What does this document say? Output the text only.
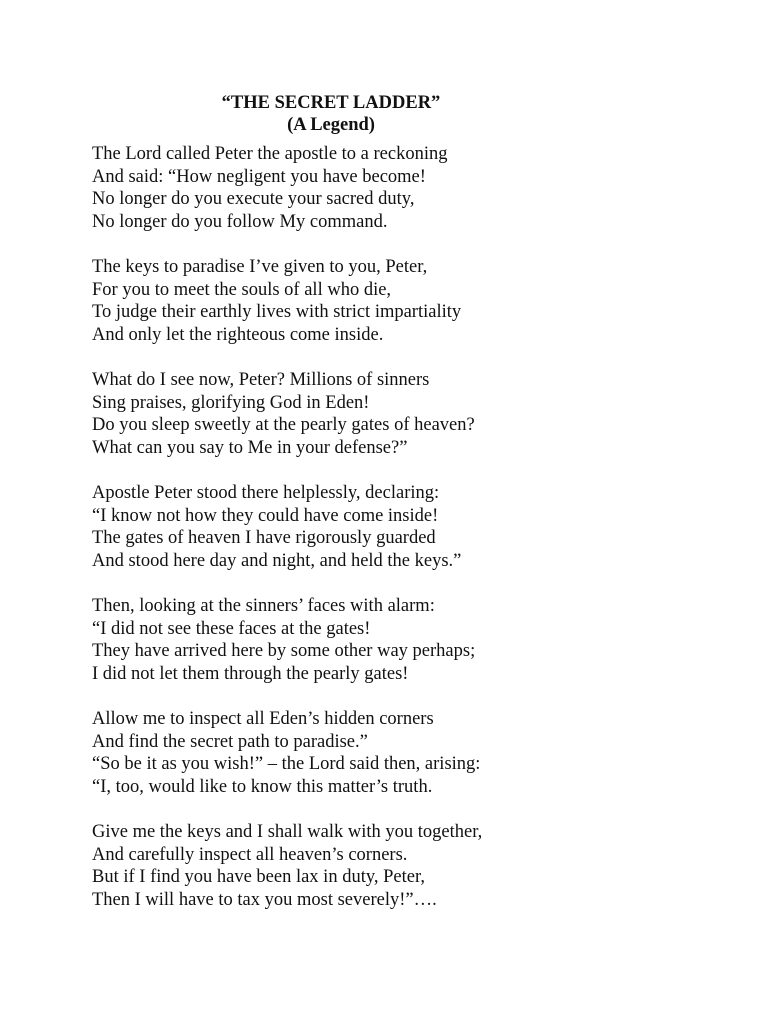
“THE SECRET LADDER”
(A Legend)

The Lord called Peter the apostle to a reckoning

And said: “How negligent you have become!

No longer do you execute your sacred duty,

No longer do you follow My command.

The keys to paradise I’ve given to you, Peter,

For you to meet the souls of all who die,

To judge their earthly lives with strict impartiality

And only let the righteous come inside.

What do I see now, Peter? Millions of sinners

Sing praises, glorifying God in Eden!

Do you sleep sweetly at the pearly gates of heaven?

What can you say to Me in your defense?”

Apostle Peter stood there helplessly, declaring:

“I know not how they could have come inside!

The gates of heaven I have rigorously guarded

And stood here day and night, and held the keys.”

Then, looking at the sinners’ faces with alarm:

“I did not see these faces at the gates!

They have arrived here by some other way perhaps;

I did not let them through the pearly gates!

Allow me to inspect all Eden’s hidden corners

And find the secret path to paradise.”

“So be it as you wish!” – the Lord said then, arising:

“I, too, would like to know this matter’s truth.

Give me the keys and I shall walk with you together,

And carefully inspect all heaven’s corners.

But if I find you have been lax in duty, Peter,

Then I will have to tax you most severely!”….
